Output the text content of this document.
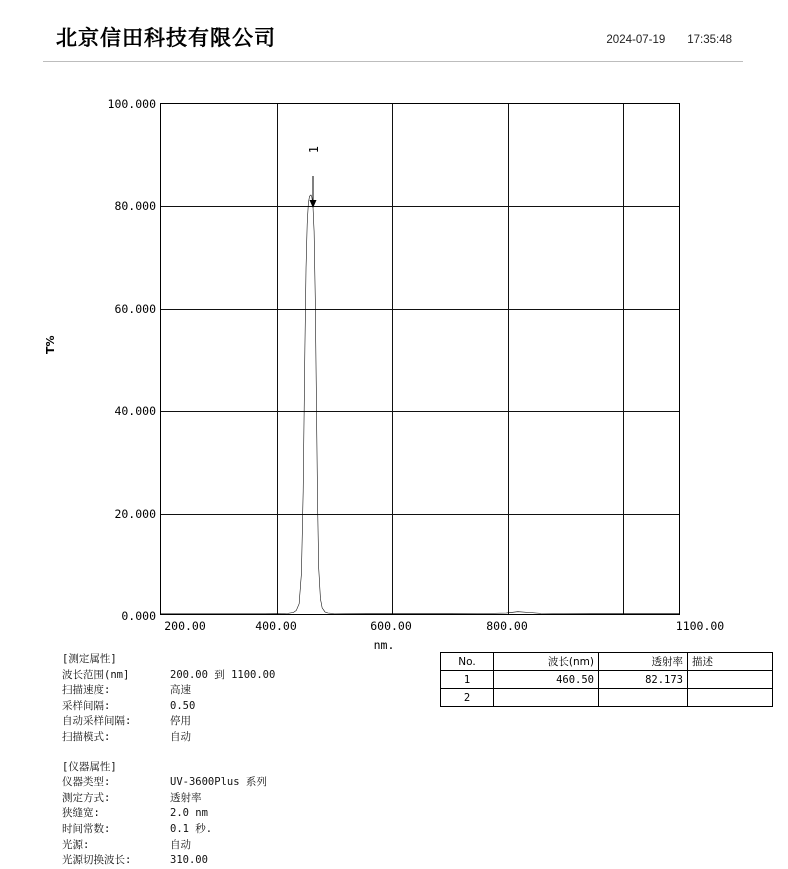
北京信田科技有限公司	2024-07-19 17:35:48
T%
100.000
80.000
60.000
40.000
20.000
0.000
1
200.00	400.00	600.00	800.00	1100.00
nm.
[测定属性]
波长范围(nm]	200.00 到 1100.00
扫描速度:	高速
采样间隔:	0.50
自动采样间隔:	停用
扫描模式:	自动
[仪器属性]
仪器类型:	UV-3600Plus 系列
测定方式:	透射率
狭缝宽:	2.0 nm
时间常数:	0.1 秒.
光源:	自动
光源切换波长:	310.00
No.	波长(nm)	透射率	描述
1	460.50	82.173	
2			
